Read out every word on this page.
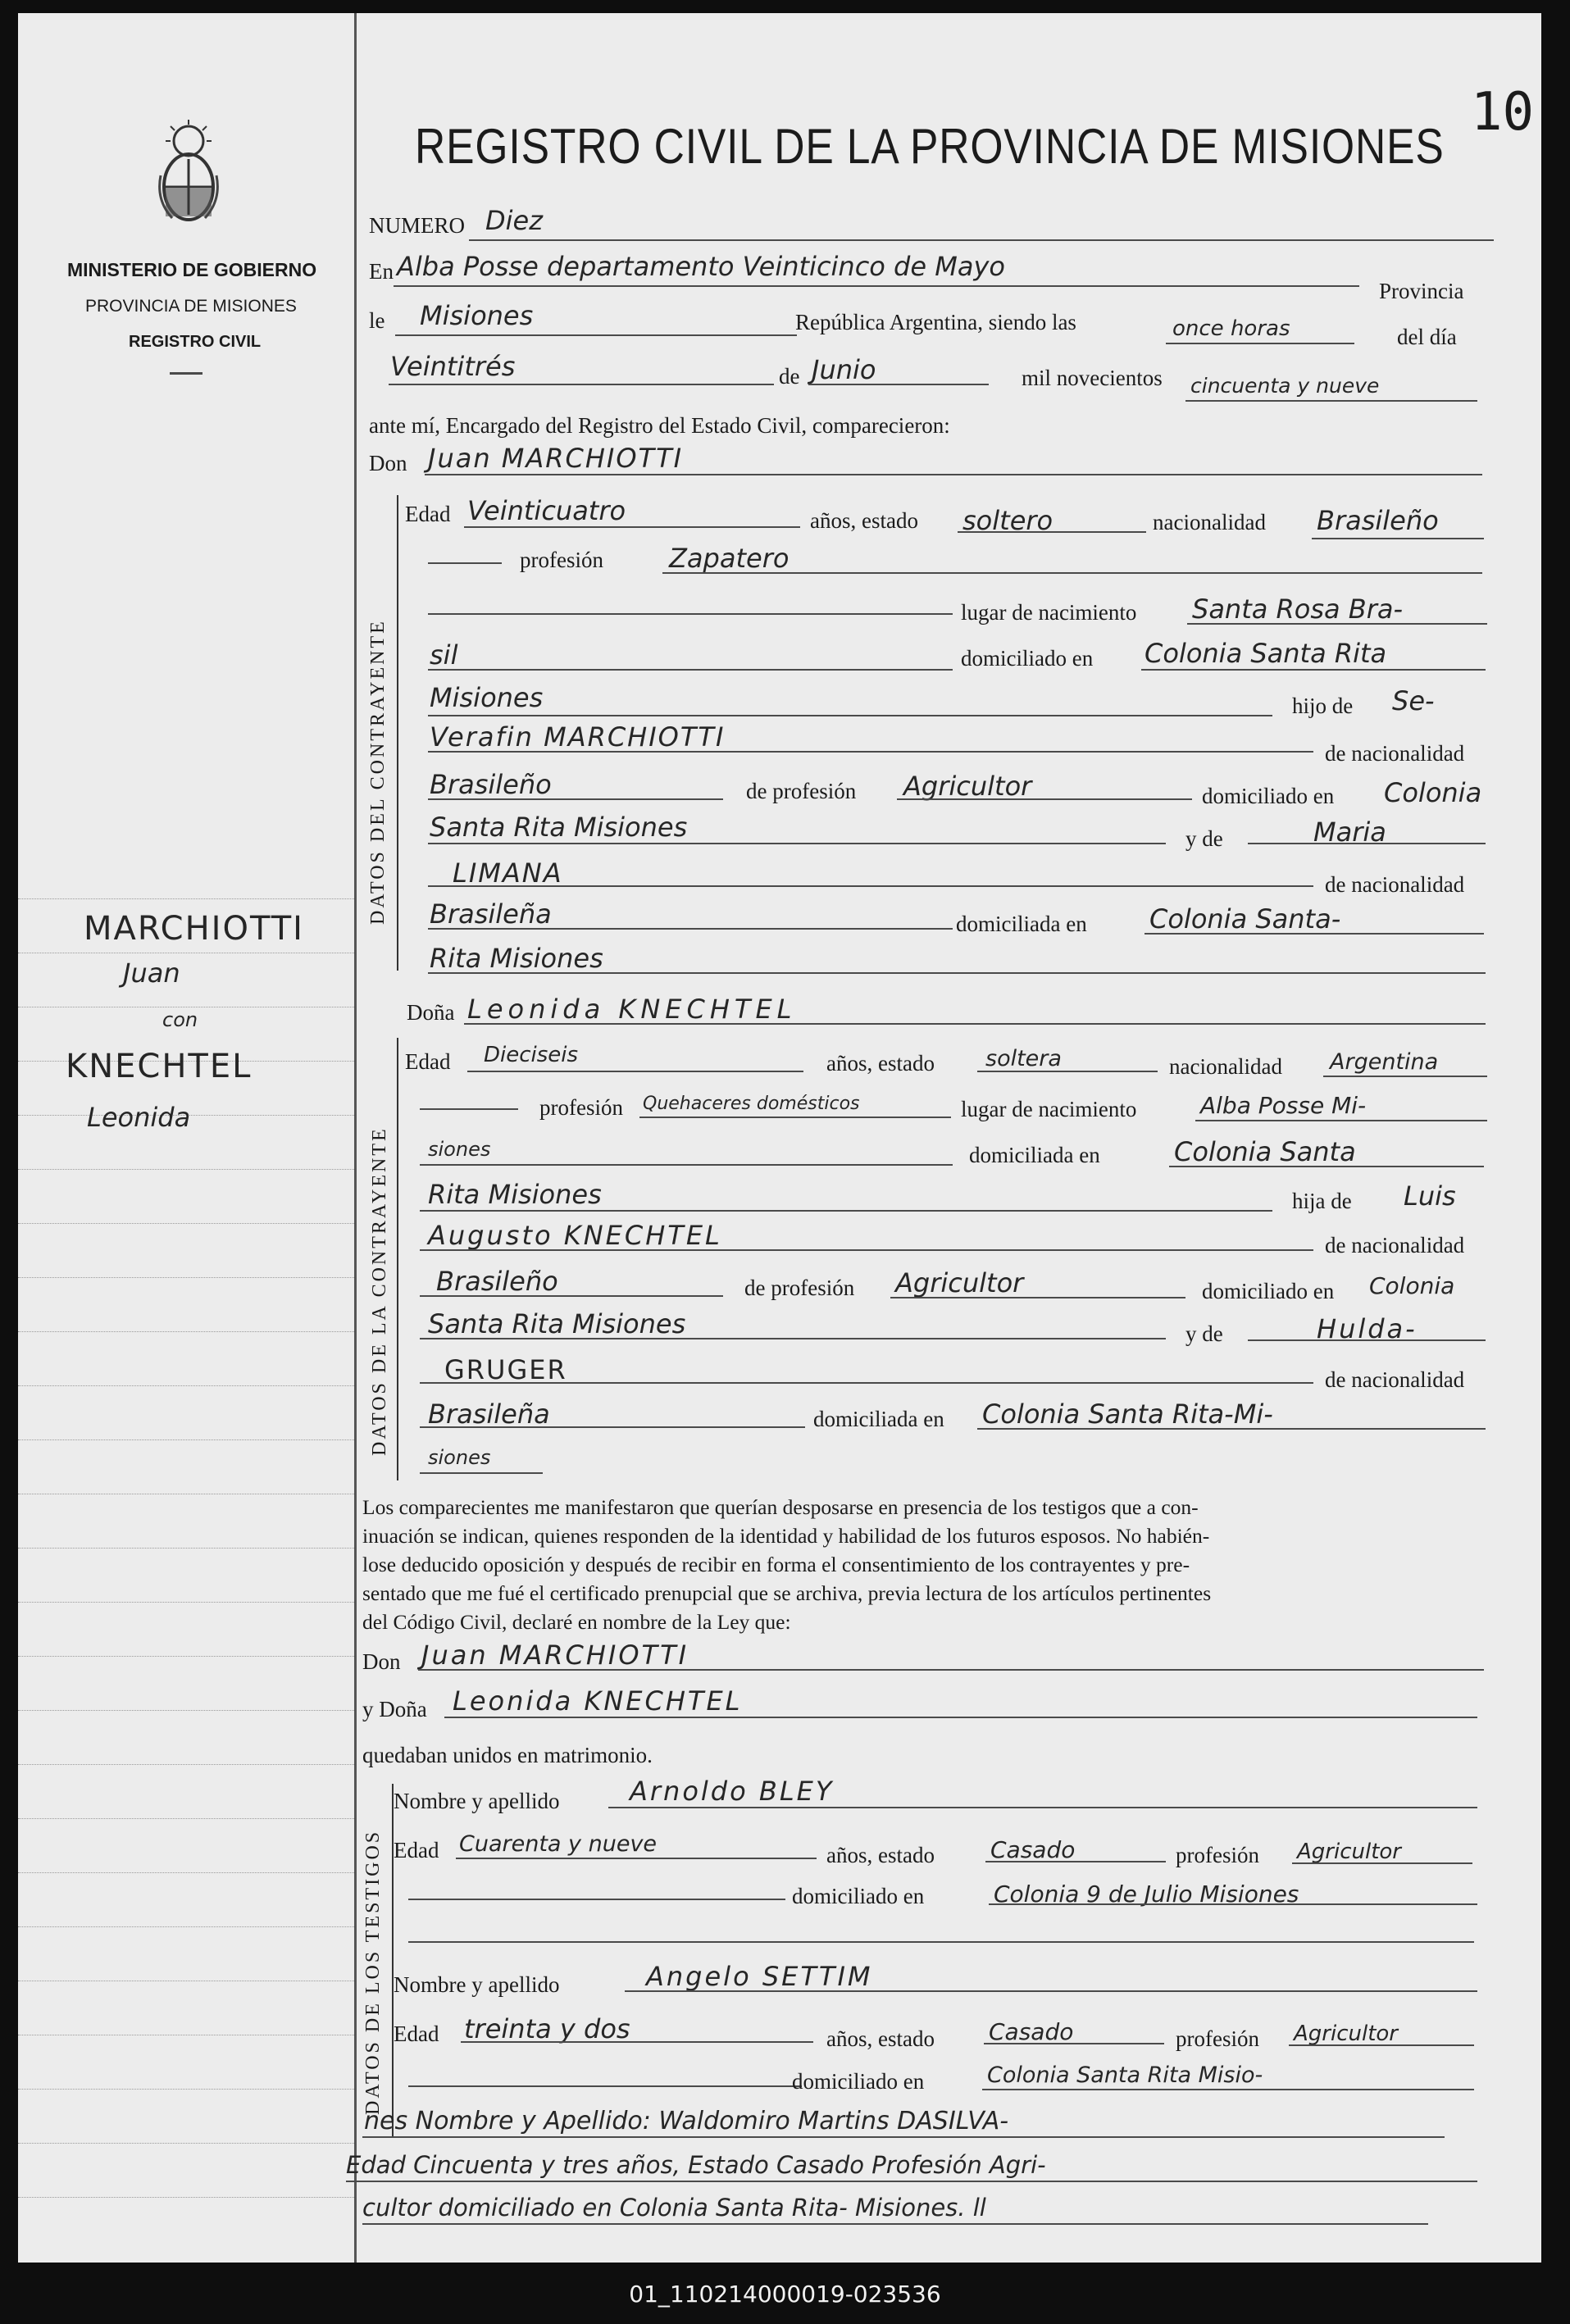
MINISTERIO DE GOBIERNO
PROVINCIA DE MISIONES
REGISTRO CIVIL
MARCHIOTTI
Juan
con
KNECHTEL
Leonida
REGISTRO CIVIL DE LA PROVINCIA DE MISIONES
10
NUMERO Diez
En Alba Posse departamento Veinticinco de Mayo
Provincia
le Misiones	República Argentina, siendo las	once horas	del día
Veintitrés	de Junio	mil novecientos cincuenta y nueve
ante mí, Encargado del Registro del Estado Civil, comparecieron:
Don Juan MARCHIOTTI
DATOS DEL CONTRAYENTE
Edad Veinticuatro	años, estado soltero	nacionalidad Brasileño
profesión	Zapatero
lugar de nacimiento Santa Rosa Bra-
sil	domiciliado en Colonia Santa Rita
Misiones	hijo de Se-
Verafin MARCHIOTTI
de nacionalidad
Brasileño	de profesión Agricultor	domiciliado en Colonia
Santa Rita Misiones	y de	Maria
LIMANA	de nacionalidad
Brasileña	domiciliada en Colonia Santa-
Rita Misiones
Doña Leonida KNECHTEL
DATOS DE LA CONTRAYENTE
Edad Dieciseis	años, estado soltera	nacionalidad Argentina
profesión Quehaceres domésticos	lugar de nacimiento	Alba Posse Mi-
siones	domiciliada en	Colonia Santa
Rita Misiones	hija de Luis
Augusto KNECHTEL	de nacionalidad
Brasileño	de profesión Agricultor	domiciliado en Colonia
Santa Rita Misiones	y de	Hulda-
GRUGER	de nacionalidad
Brasileña	domiciliada en Colonia Santa Rita-Mi-
siones
Los comparecientes me manifestaron que querían desposarse en presencia de los testigos que a con-
inuación se indican, quienes responden de la identidad y habilidad de los futuros esposos. No habién-
lose deducido oposición y después de recibir en forma el consentimiento de los contrayentes y pre-
sentado que me fué el certificado prenupcial que se archiva, previa lectura de los artículos pertinentes
del Código Civil, declaré en nombre de la Ley que:
Don Juan MARCHIOTTI
y Doña Leonida KNECHTEL
quedaban unidos en matrimonio.
DATOS DE LOS TESTIGOS
Nombre y apellido	Arnoldo BLEY
Edad Cuarenta y nueve	años, estado Casado	profesión Agricultor
domiciliado en	Colonia 9 de Julio Misiones
Nombre y apellido	Angelo SETTIM
Edad treinta y dos	años, estado Casado	profesión Agricultor
domiciliado en	Colonia Santa Rita Misio-
nes Nombre y Apellido: Waldomiro Martins DASILVA-
Edad Cincuenta y tres años, Estado Casado Profesión Agri-
cultor domiciliado en Colonia Santa Rita- Misiones. ll
01_110214000019-023536
